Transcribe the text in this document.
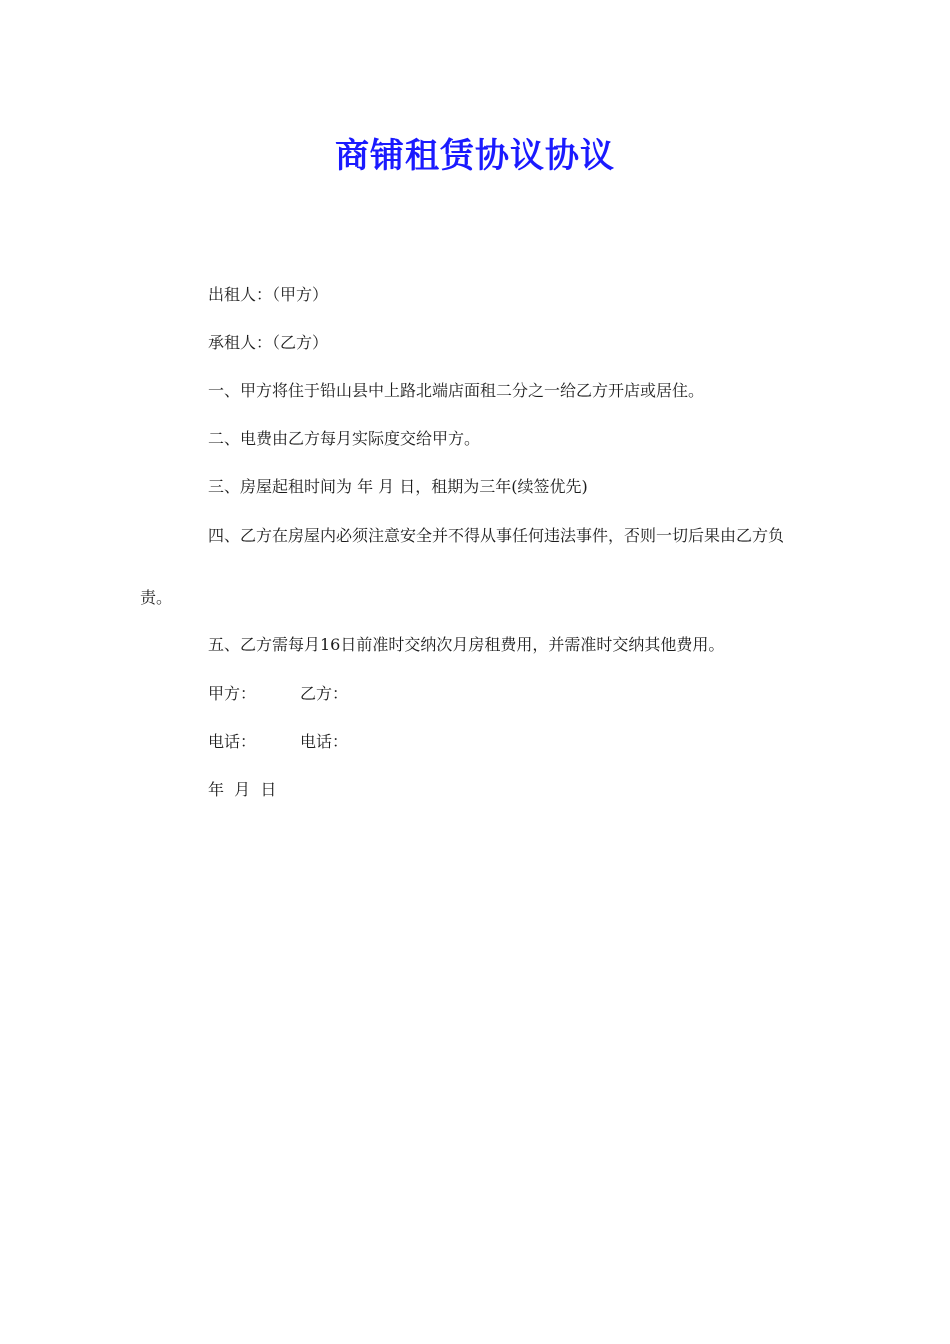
商铺租赁协议协议

出租人：（甲方）

承租人：（乙方）

一、甲方将住于铅山县中上路北端店面租二分之一给乙方开店或居住。

二、电费由乙方每月实际度交给甲方。

三、房屋起租时间为 年 月 日，租期为三年(续签优先)

四、乙方在房屋内必须注意安全并不得从事任何违法事件，否则一切后果由乙方负

责。

五、乙方需每月16日前准时交纳次月房租费用，并需准时交纳其他费用。

甲方：	乙方：

电话：	电话：

年  月  日
